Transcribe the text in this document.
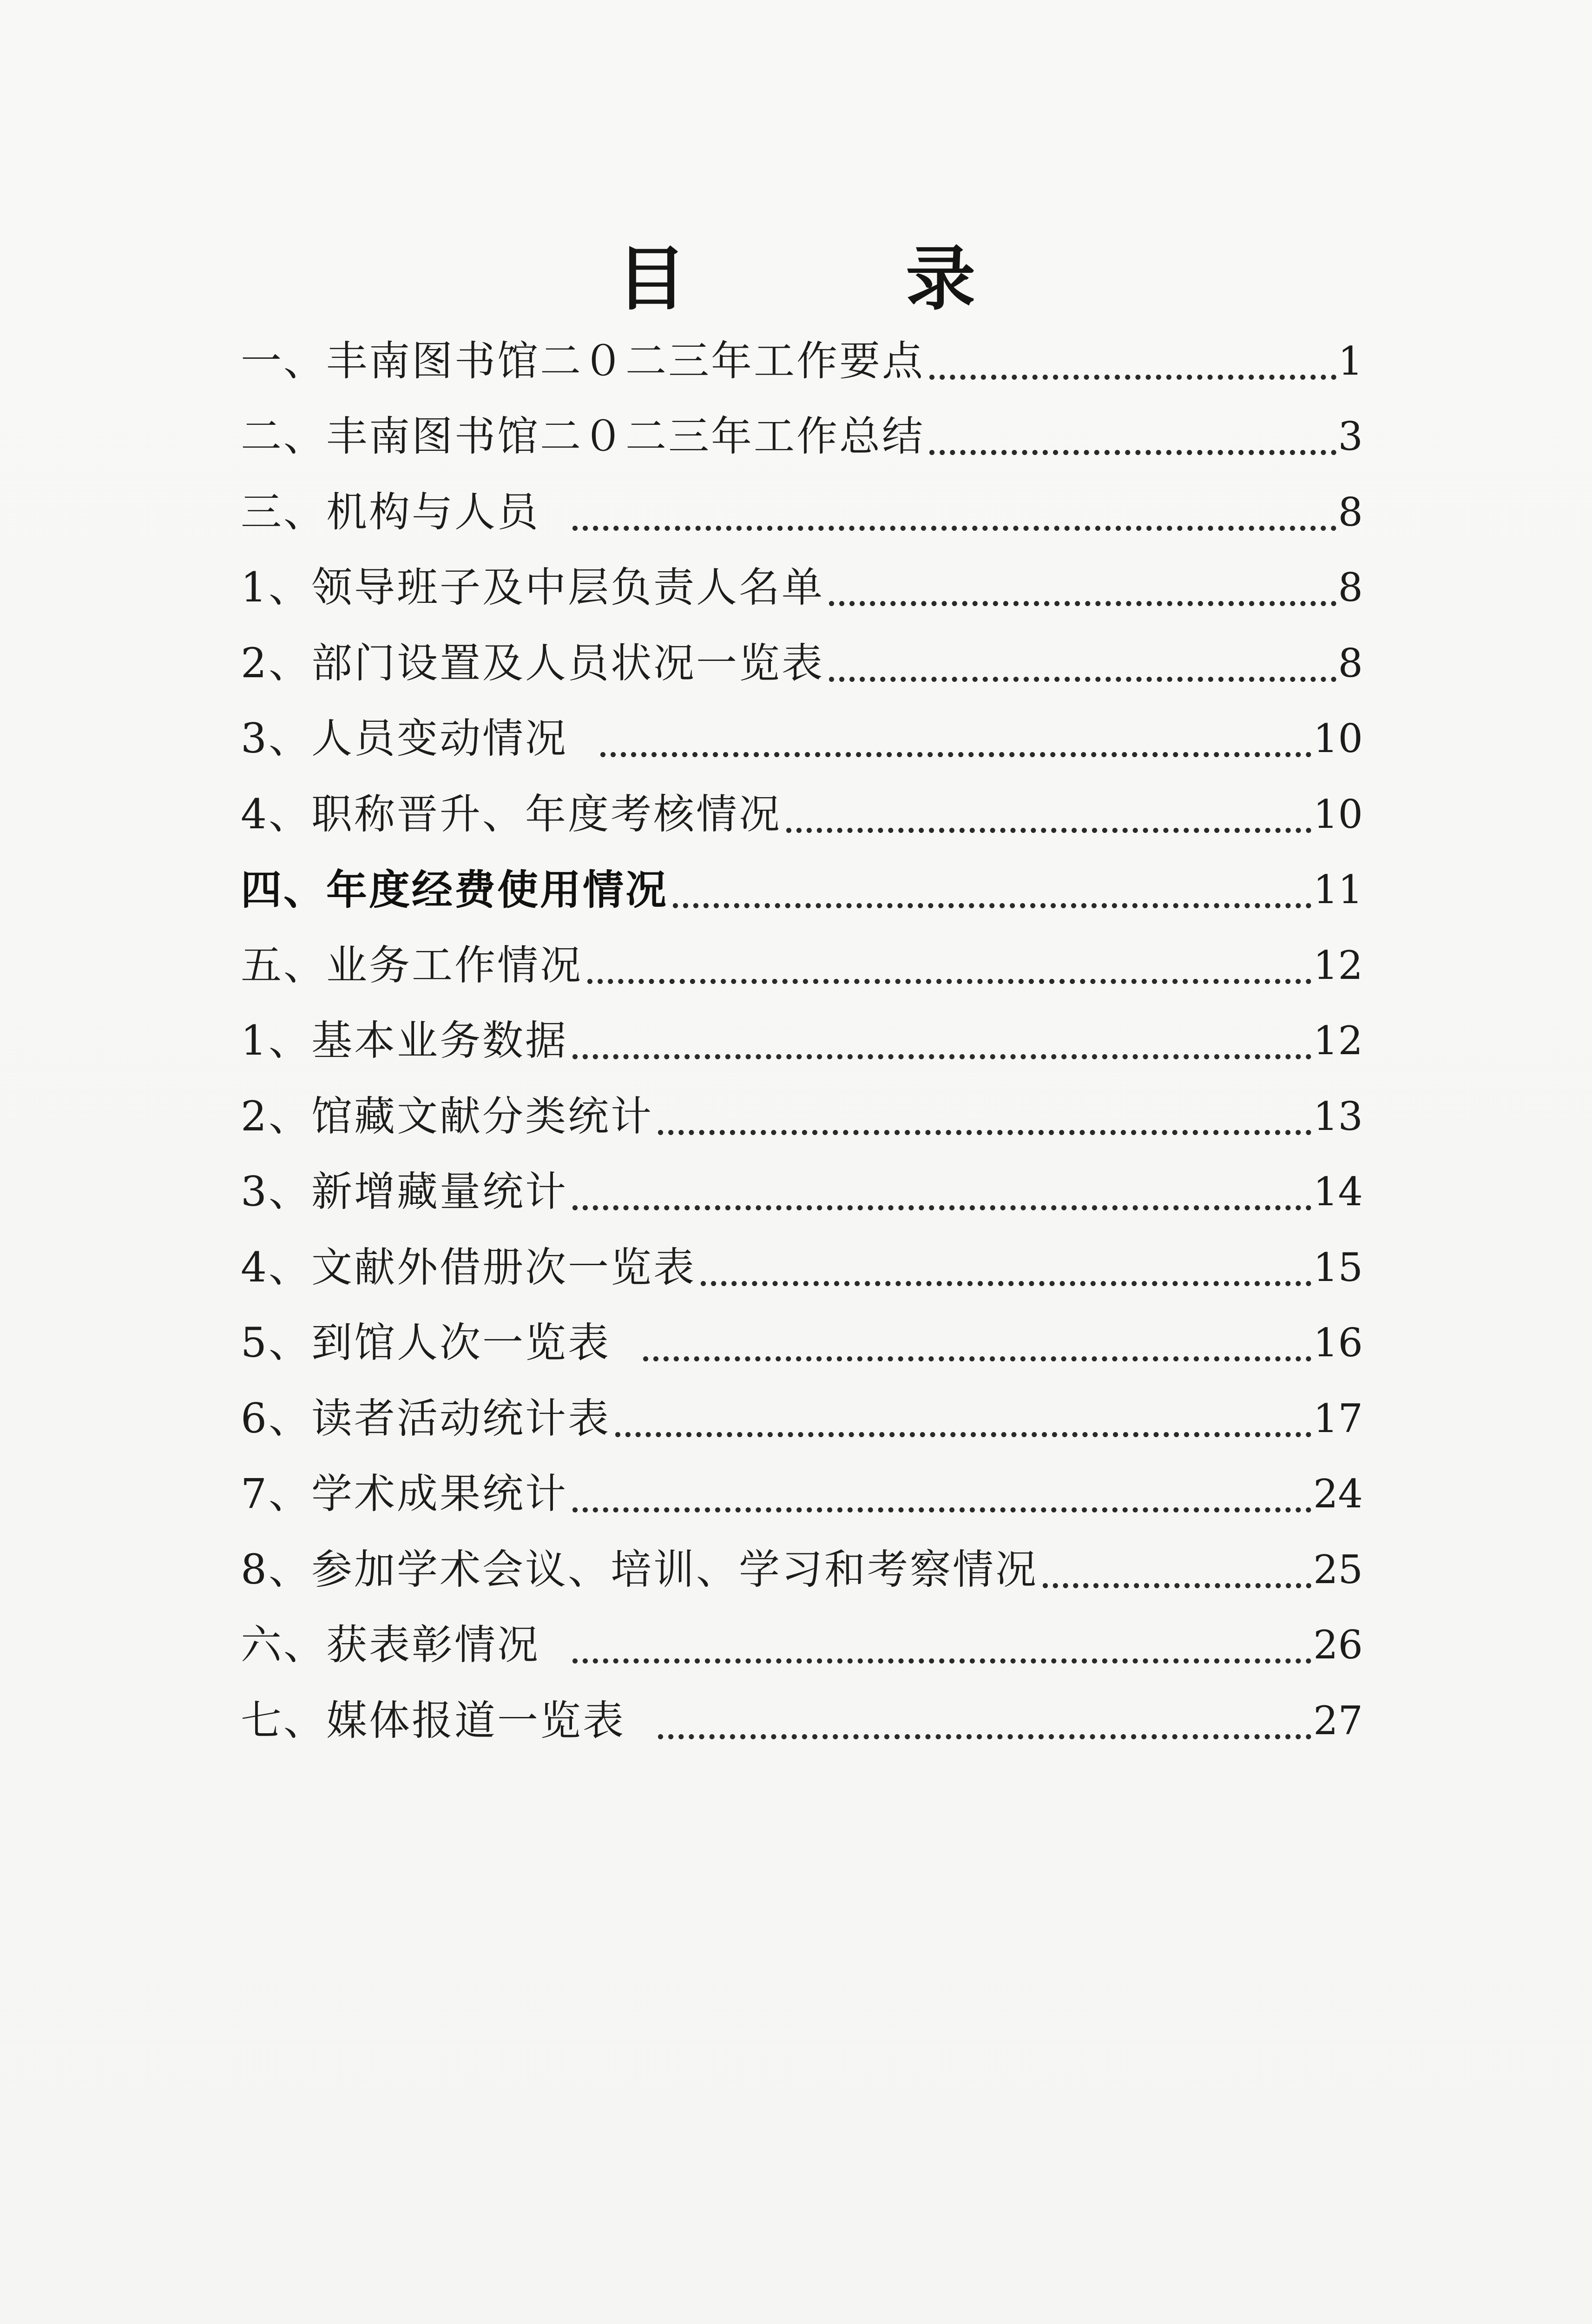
目 录
一、丰南图书馆二０二三年工作要点	1
二、丰南图书馆二０二三年工作总结	3
三、机构与人员	8
1、领导班子及中层负责人名单	8
2、部门设置及人员状况一览表	8
3、人员变动情况	10
4、职称晋升、年度考核情况	10
四、年度经费使用情况	11
五、业务工作情况	12
1、基本业务数据	12
2、馆藏文献分类统计	13
3、新增藏量统计	14
4、文献外借册次一览表	15
5、到馆人次一览表	16
6、读者活动统计表	17
7、学术成果统计	24
8、参加学术会议、培训、学习和考察情况	25
六、获表彰情况	26
七、媒体报道一览表	27
